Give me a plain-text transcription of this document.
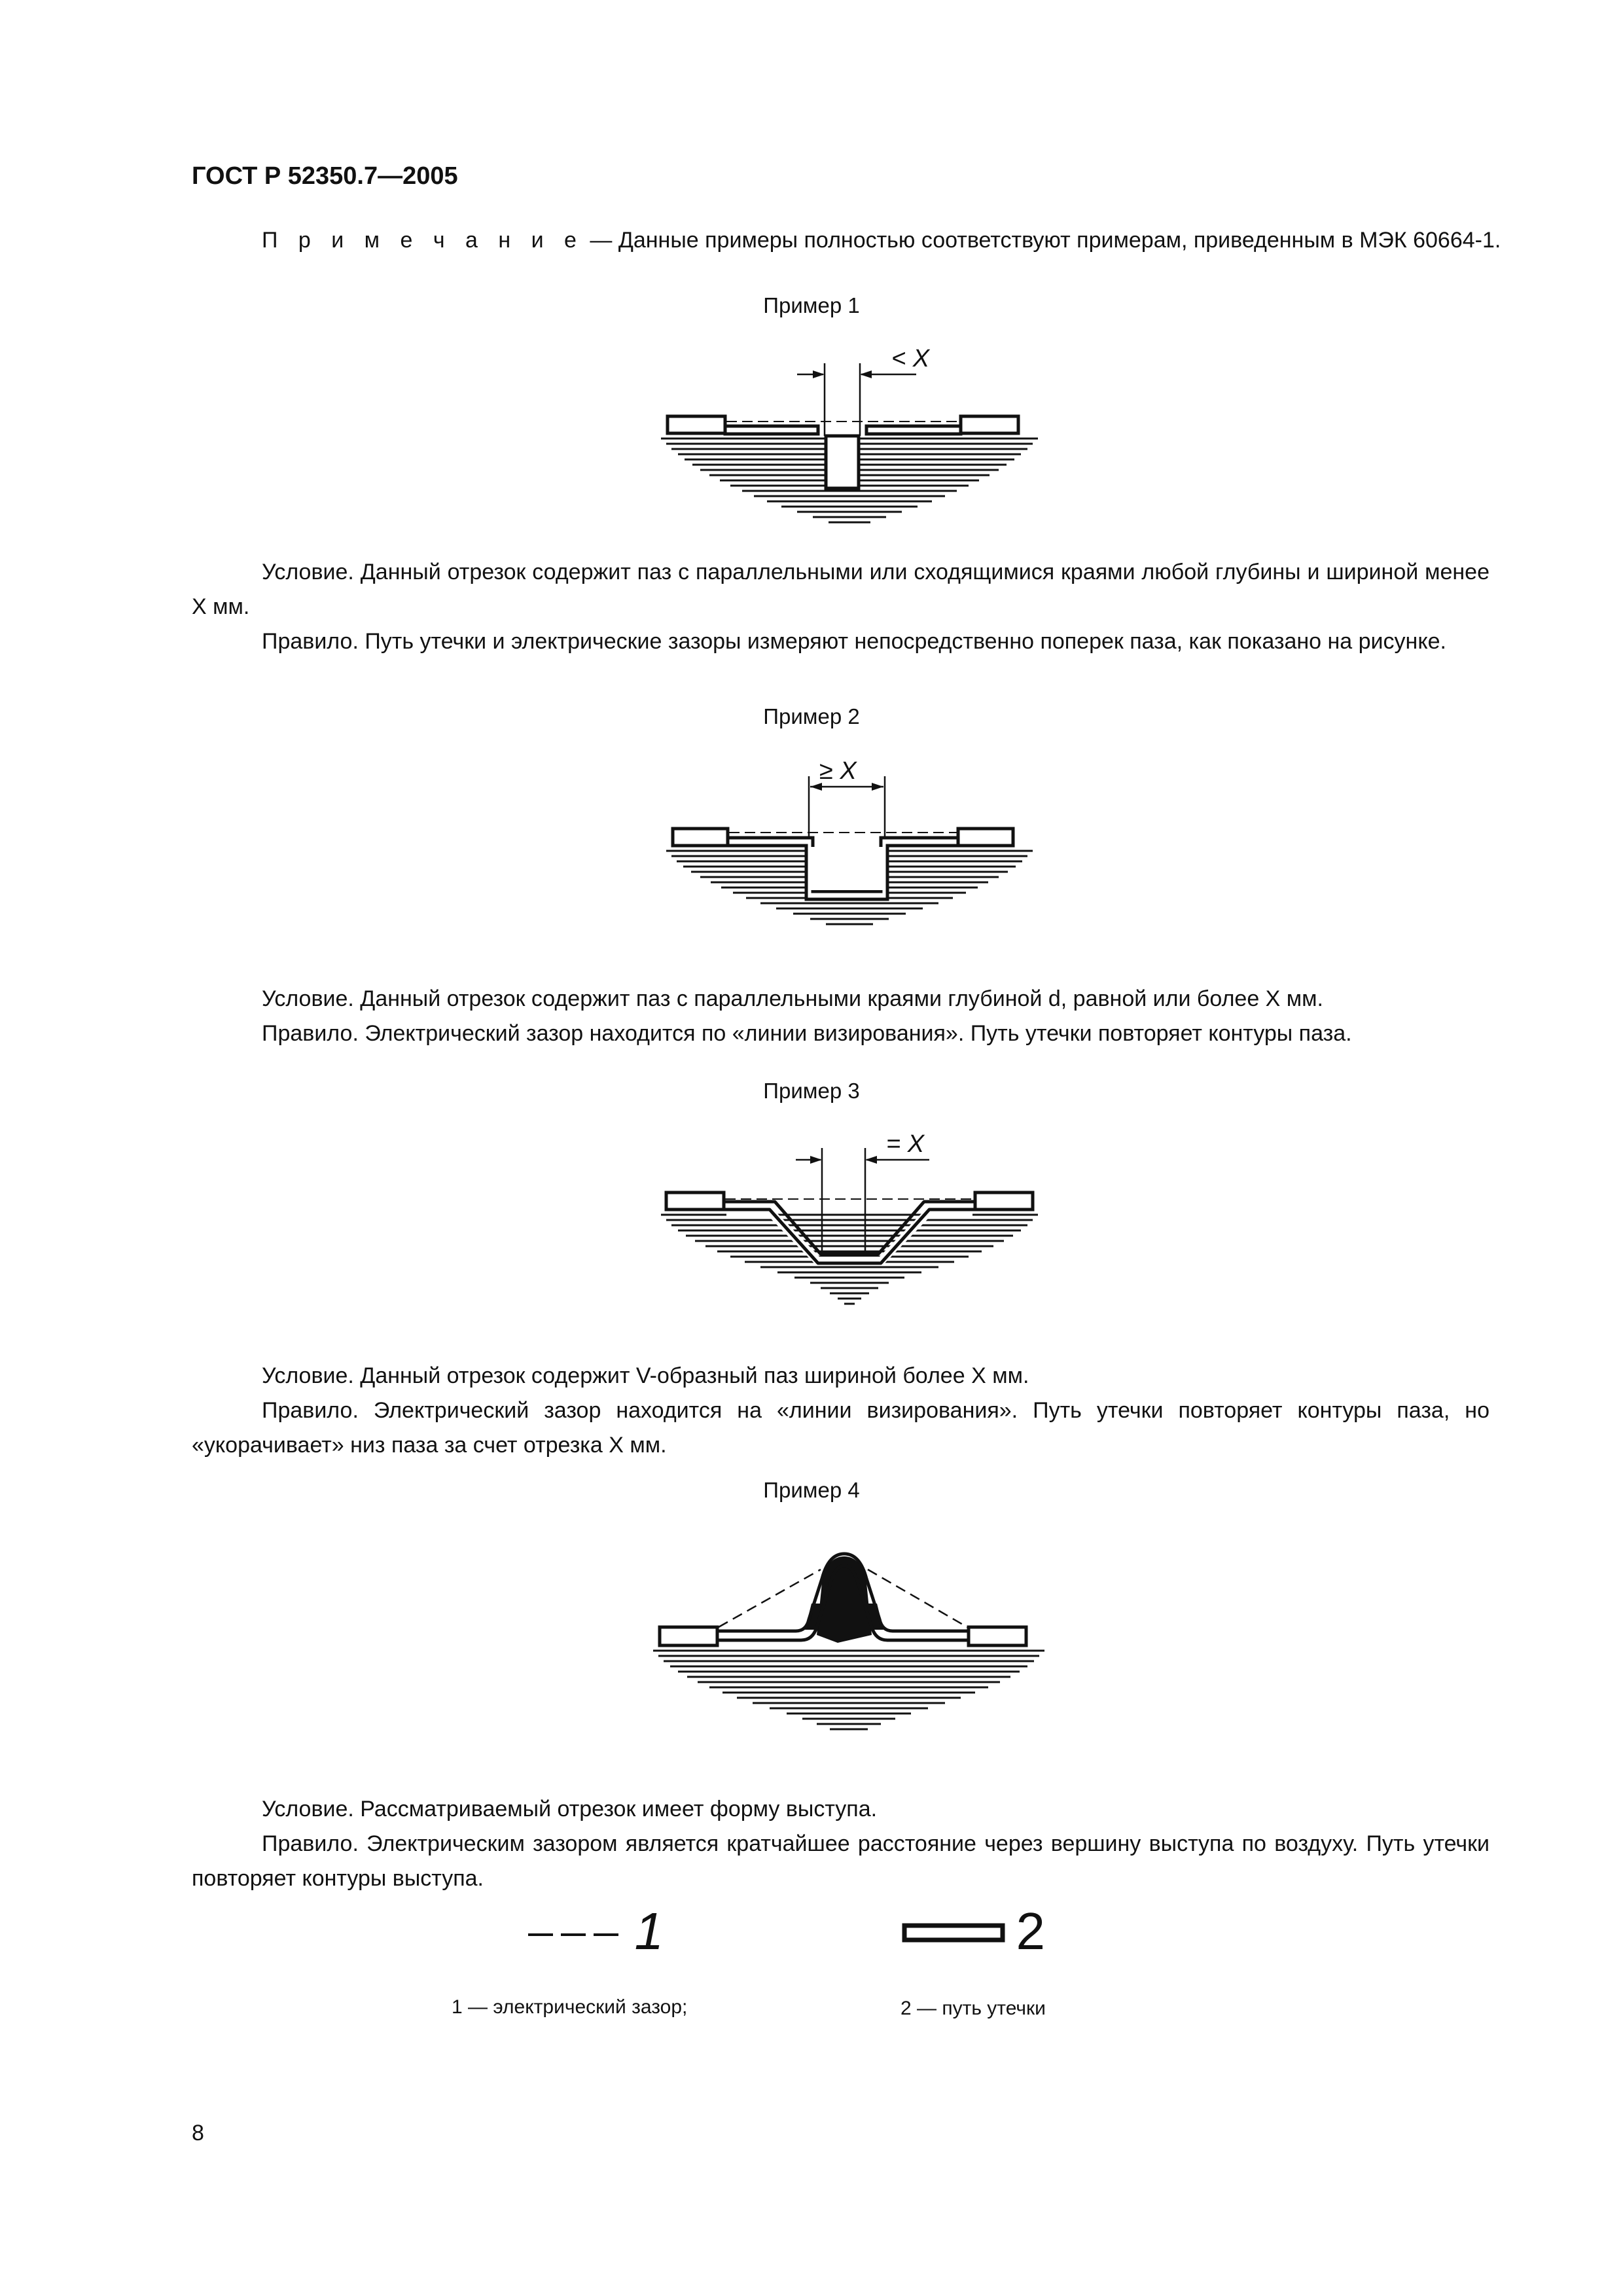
ГОСТ Р 52350.7—2005
П р и м е ч а н и е — Данные примеры полностью соответствуют примерам, приведенным в МЭК 60664-1.
Пример 1
< X

Условие. Данный отрезок содержит паз с параллельными или сходящимися краями любой глубины и шириной менее X мм.

Правило. Путь утечки и электрические зазоры измеряют непосредственно поперек паза, как показано на рисунке.

Пример 2
≥ X

Условие. Данный отрезок содержит паз с параллельными краями глубиной d, равной или более X мм.

Правило. Электрический зазор находится по «линии визирования». Путь утечки повторяет контуры паза.

Пример 3
= X

Условие. Данный отрезок содержит V-образный паз шириной более X мм.

Правило. Электрический зазор находится на «линии визирования». Путь утечки повторяет контуры паза, но «укорачивает» низ паза за счет отрезка X мм.

Пример 4

Условие. Рассматриваемый отрезок имеет форму выступа.

Правило. Электрическим зазором является кратчайшее расстояние через вершину выступа по воздуху. Путь утечки повторяет контуры выступа.

1	2
1 — электрический зазор;	2 — путь утечки
8
